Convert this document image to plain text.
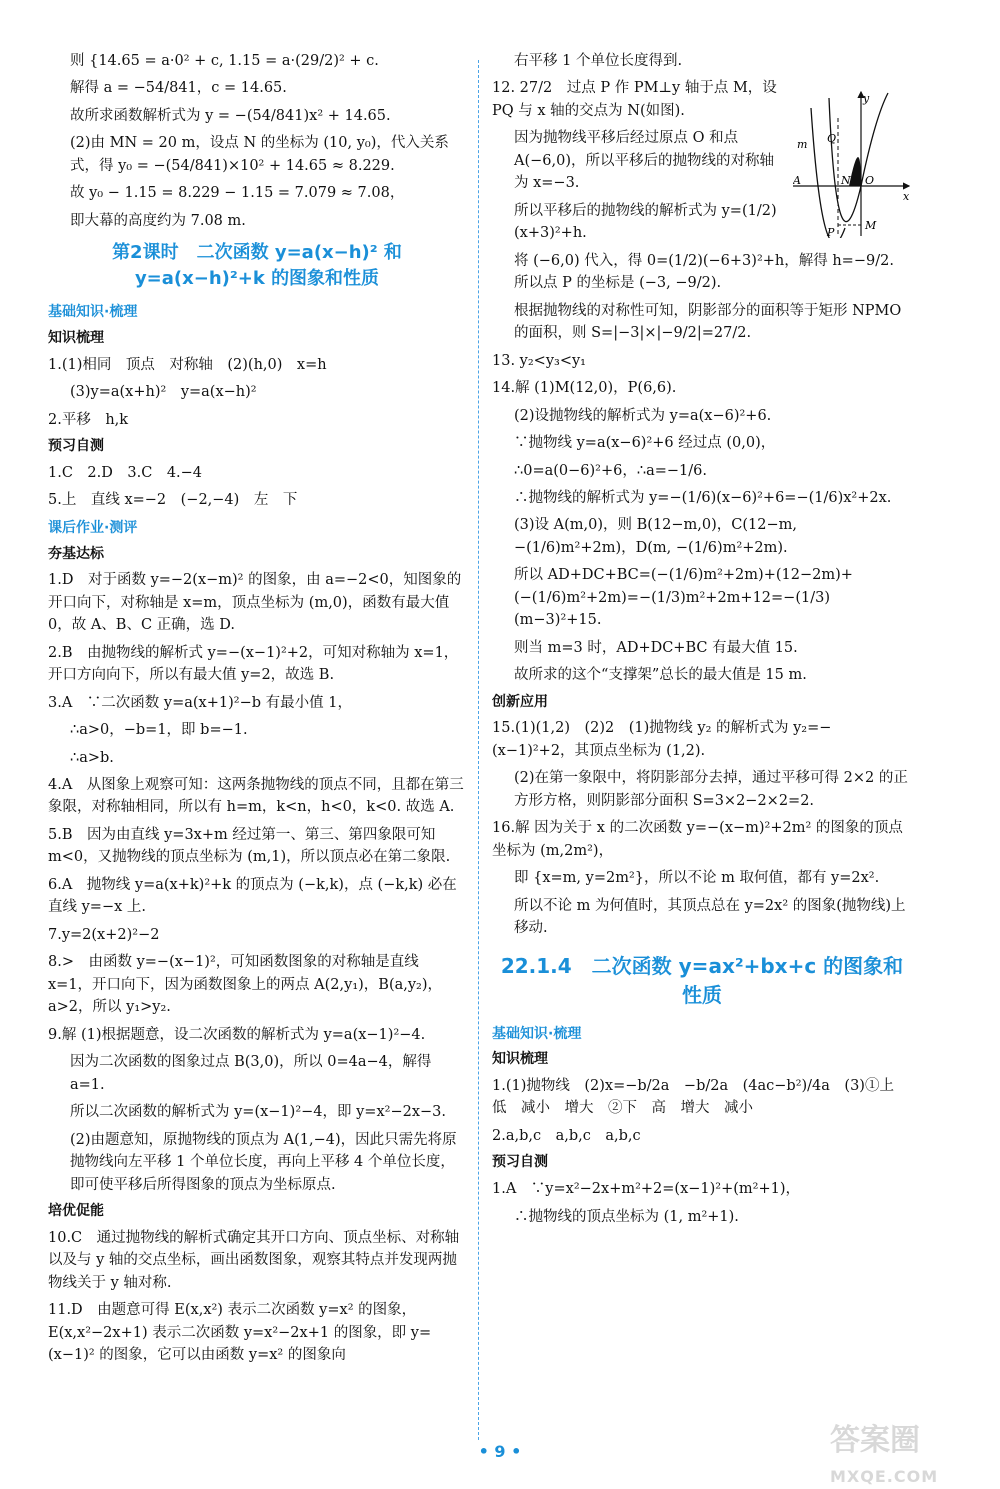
则 {14.65 = a·0² + c, 1.15 = a·(29/2)² + c.

解得 a = −54/841，c = 14.65.

故所求函数解析式为 y = −(54/841)x² + 14.65.

(2)由 MN = 20 m，设点 N 的坐标为 (10, y₀)，代入关系式，得 y₀ = −(54/841)×10² + 14.65 ≈ 8.229.

故 y₀ − 1.15 = 8.229 − 1.15 = 7.079 ≈ 7.08，

即大幕的高度约为 7.08 m.

第2课时　二次函数 y=a(x−h)² 和 y=a(x−h)²+k 的图象和性质
基础知识·梳理
知识梳理

1.(1)相同　顶点　对称轴　(2)(h,0)　x=h

(3)y=a(x+h)²　y=a(x−h)²

2.平移　h,k

预习自测

1.C　2.D　3.C　4.−4

5.上　直线 x=−2　(−2,−4)　左　下

课后作业·测评
夯基达标

1.D　对于函数 y=−2(x−m)² 的图象，由 a=−2<0，知图象的开口向下，对称轴是 x=m，顶点坐标为 (m,0)，函数有最大值 0，故 A、B、C 正确，选 D.

2.B　由抛物线的解析式 y=−(x−1)²+2，可知对称轴为 x=1，开口方向向下，所以有最大值 y=2，故选 B.

3.A　∵二次函数 y=a(x+1)²−b 有最小值 1，

∴a>0，−b=1，即 b=−1.

∴a>b.

4.A　从图象上观察可知：这两条抛物线的顶点不同，且都在第三象限，对称轴相同，所以有 h=m，k<n，h<0，k<0. 故选 A.

5.B　因为由直线 y=3x+m 经过第一、第三、第四象限可知 m<0，又抛物线的顶点坐标为 (m,1)，所以顶点必在第二象限.

6.A　抛物线 y=a(x+k)²+k 的顶点为 (−k,k)，点 (−k,k) 必在直线 y=−x 上.

7.y=2(x+2)²−2

8.>　由函数 y=−(x−1)²，可知函数图象的对称轴是直线 x=1，开口向下，因为函数图象上的两点 A(2,y₁)，B(a,y₂)，a>2，所以 y₁>y₂.

9.解 (1)根据题意，设二次函数的解析式为 y=a(x−1)²−4.

因为二次函数的图象过点 B(3,0)，所以 0=4a−4，解得 a=1.

所以二次函数的解析式为 y=(x−1)²−4，即 y=x²−2x−3.

(2)由题意知，原抛物线的顶点为 A(1,−4)，因此只需先将原抛物线向左平移 1 个单位长度，再向上平移 4 个单位长度，即可使平移后所得图象的顶点为坐标原点.

培优促能

10.C　通过抛物线的解析式确定其开口方向、顶点坐标、对称轴以及与 y 轴的交点坐标，画出函数图象，观察其特点并发现两抛物线关于 y 轴对称.

11.D　由题意可得 E(x,x²) 表示二次函数 y=x² 的图象，E(x,x²−2x+1) 表示二次函数 y=x²−2x+1 的图象，即 y=(x−1)² 的图象，它可以由函数 y=x² 的图象向

右平移 1 个单位长度得到.

12. 27/2　过点 P 作 PM⊥y 轴于点 M，设 PQ 与 x 轴的交点为 N(如图).

因为抛物线平移后经过原点 O 和点 A(−6,0)，所以平移后的抛物线的对称轴为 x=−3.

所以平移后的抛物线的解析式为 y=(1/2)(x+3)²+h.

将 (−6,0) 代入，得 0=(1/2)(−6+3)²+h，解得 h=−9/2. 所以点 P 的坐标是 (−3, −9/2).

根据抛物线的对称性可知，阴影部分的面积等于矩形 NPMO 的面积，则 S=|−3|×|−9/2|=27/2.

13. y₂<y₃<y₁

14.解 (1)M(12,0)，P(6,6).

(2)设抛物线的解析式为 y=a(x−6)²+6.

∵抛物线 y=a(x−6)²+6 经过点 (0,0)，

∴0=a(0−6)²+6，∴a=−1/6.

∴抛物线的解析式为 y=−(1/6)(x−6)²+6=−(1/6)x²+2x.

(3)设 A(m,0)，则 B(12−m,0)，C(12−m, −(1/6)m²+2m)，D(m, −(1/6)m²+2m).

所以 AD+DC+BC=(−(1/6)m²+2m)+(12−2m)+(−(1/6)m²+2m)=−(1/3)m²+2m+12=−(1/3)(m−3)²+15.

则当 m=3 时，AD+DC+BC 有最大值 15.

故所求的这个“支撑架”总长的最大值是 15 m.

创新应用

15.(1)(1,2)　(2)2　(1)抛物线 y₂ 的解析式为 y₂=−(x−1)²+2，其顶点坐标为 (1,2).

(2)在第一象限中，将阴影部分去掉，通过平移可得 2×2 的正方形方格，则阴影部分面积 S=3×2−2×2=2.

16.解 因为关于 x 的二次函数 y=−(x−m)²+2m² 的图象的顶点坐标为 (m,2m²)，

即 {x=m, y=2m²}，所以不论 m 取何值，都有 y=2x².

所以不论 m 为何值时，其顶点总在 y=2x² 的图象(抛物线)上移动.

22.1.4　二次函数 y=ax²+bx+c 的图象和性质
基础知识·梳理
知识梳理

1.(1)抛物线　(2)x=−b/2a　−b/2a　(4ac−b²)/4a　(3)①上　低　减小　增大　②下　高　增大　减小

2.a,b,c　a,b,c　a,b,c

预习自测

1.A　∵y=x²−2x+m²+2=(x−1)²+(m²+1)，

∴抛物线的顶点坐标为 (1, m²+1).

y
x
m Q
A	N O
P
M
• 9 •	答案圈
MXQE.COM
